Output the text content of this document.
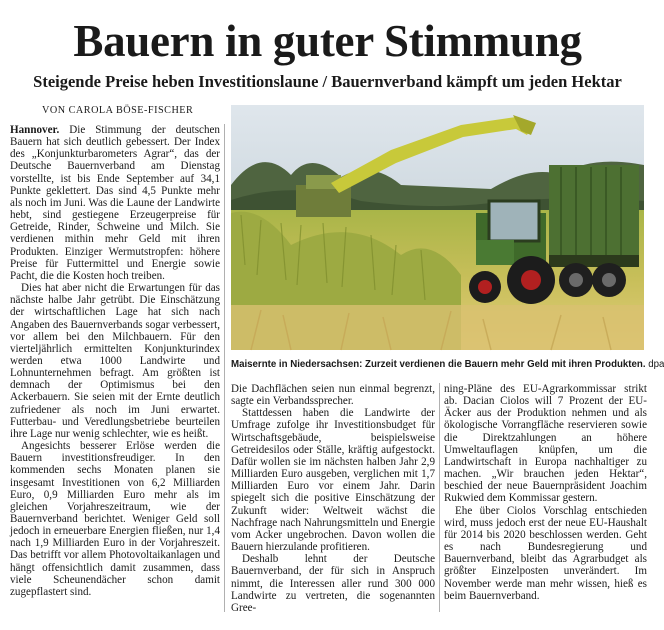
Bauern in guter Stimmung
Steigende Preise heben Investitionslaune / Bauernverband kämpft um jeden Hektar
VON CAROLA BÖSE-FISCHER

Hannover. Die Stimmung der deutschen Bauern hat sich deutlich gebessert. Der Index des „Konjunkturbarometers Agrar“, das der Deutsche Bauernverband am Dienstag vorstellte, ist bis Ende September auf 34,1 Punkte geklettert. Das sind 4,5 Punkte mehr als noch im Juni. Was die Laune der Landwirte hebt, sind gestiegene Erzeugerpreise für Getreide, Rinder, Schweine und Milch. Sie verdienen mithin mehr Geld mit ihren Produkten. Einziger Wermutstropfen: höhere Preise für Futtermittel und Energie sowie Pacht, die die Kosten hoch treiben.

Dies hat aber nicht die Erwartungen für das nächste halbe Jahr getrübt. Die Einschätzung der wirtschaftlichen Lage hat sich nach Angaben des Bauernverbands sogar verbessert, vor allem bei den Milchbauern. Für den vierteljährlich ermittelten Konjunkturindex werden etwa 1000 Landwirte und Lohnunternehmen befragt. Am größten ist demnach der Optimismus bei den Ackerbauern. Sie seien mit der Ernte deutlich zufriedener als noch im Juni erwartet. Futterbau- und Veredlungsbetriebe beurteilen ihre Lage nur wenig schlechter, wie es heißt.

Angesichts besserer Erlöse werden die Bauern investitionsfreudiger. In den kommenden sechs Monaten planen sie insgesamt Investitionen von 6,2 Milliarden Euro, 0,9 Milliarden Euro mehr als im gleichen Vorjahreszeitraum, wie der Bauernverband berichtet. Weniger Geld soll jedoch in erneuerbare Energien fließen, nur 1,4 nach 1,9 Milliarden Euro in der Vorjahreszeit. Das betrifft vor allem Photovoltaikanlagen und hängt offensichtlich damit zusammen, dass viele Scheunendächer schon damit zugepflastert sind.

Maisernte in Niedersachsen: Zurzeit verdienen die Bauern mehr Geld mit ihren Produkten. dpa

Die Dachflächen seien nun einmal begrenzt, sagte ein Verbandssprecher.

Stattdessen haben die Landwirte der Umfrage zufolge ihr Investitionsbudget für Wirtschaftsgebäude, beispielsweise Getreidesilos oder Ställe, kräftig aufgestockt. Dafür wollen sie im nächsten halben Jahr 2,9 Milliarden Euro ausgeben, verglichen mit 1,7 Milliarden Euro vor einem Jahr. Darin spiegelt sich die positive Einschätzung der Zukunft wider: Weltweit wächst die Nachfrage nach Nahrungsmitteln und Energie vom Acker ungebrochen. Davon wollen die Bauern hierzulande profitieren.

Deshalb lehnt der Deutsche Bauernverband, der für sich in Anspruch nimmt, die Interessen aller rund 300 000 Landwirte zu vertreten, die sogenannten Gree-

ning-Pläne des EU-Agrarkommissar strikt ab. Dacian Ciolos will 7 Prozent der EU-Äcker aus der Produktion nehmen und als ökologische Vorrangfläche reservieren sowie die Direktzahlungen an höhere Umweltauflagen knüpfen, um die Landwirtschaft in Europa nachhaltiger zu machen. „Wir brauchen jeden Hektar“, beschied der neue Bauernpräsident Joachim Rukwied dem Kommissar gestern.

Ehe über Ciolos Vorschlag entschieden wird, muss jedoch erst der neue EU-Haushalt für 2014 bis 2020 beschlossen werden. Geht es nach Bundesregierung und Bauernverband, bleibt das Agrarbudget als größter Einzelposten unverändert. Im November werde man mehr wissen, hieß es beim Bauernverband.
